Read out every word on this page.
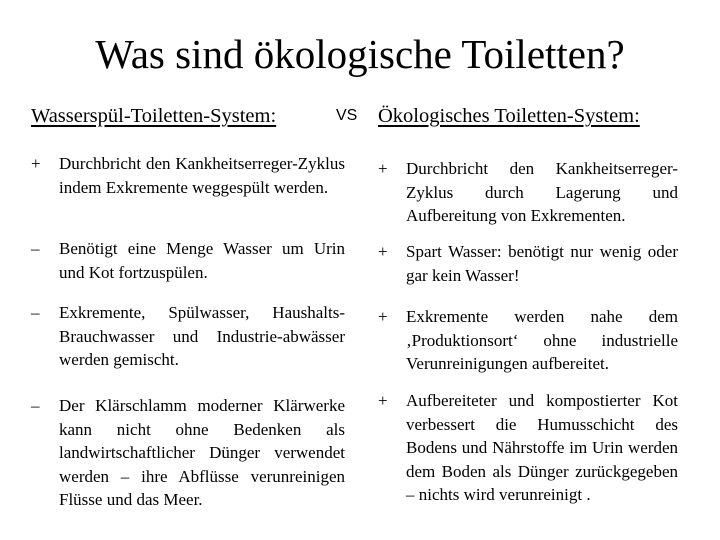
Was sind ökologische Toiletten?
Wasserspül-Toiletten-System:	VS Ökologisches Toiletten-System:
+	Durchbricht den Kankheitserreger-Zyklus indem Exkremente weggespült werden.
–	Benötigt eine Menge Wasser um Urin und Kot fortzuspülen.
–	Exkremente, Spülwasser, Haushalts-Brauchwasser und Industrie-abwässer werden gemischt.
–	Der Klärschlamm moderner Klärwerke kann nicht ohne Bedenken als landwirtschaftlicher Dünger verwendet werden – ihre Abflüsse verunreinigen Flüsse und das Meer.
+	Durchbricht den Kankheitserreger-Zyklus durch Lagerung und Aufbereitung von Exkrementen.
+	Spart Wasser: benötigt nur wenig oder gar kein Wasser!
+	Exkremente werden nahe dem ‚Produktionsort‘ ohne industrielle Verunreinigungen aufbereitet.
+	Aufbereiteter und kompostierter Kot verbessert die Humusschicht des Bodens und Nährstoffe im Urin werden dem Boden als Dünger zurückgegeben – nichts wird verunreinigt .
